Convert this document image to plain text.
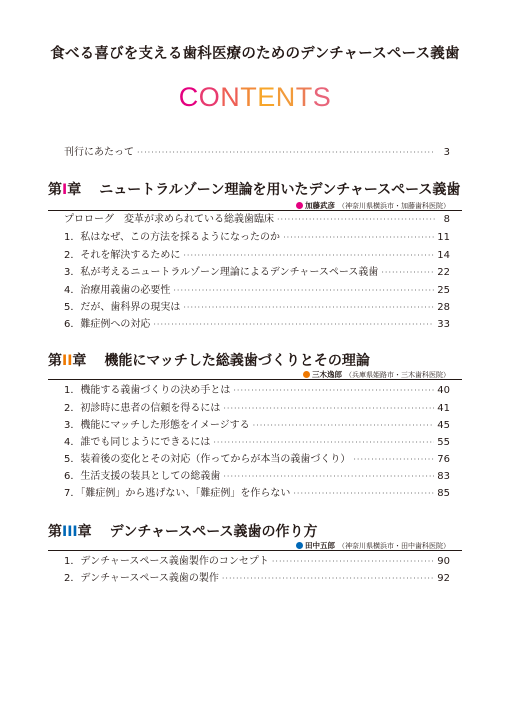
食べる喜びを支える歯科医療のためのデンチャースペース義歯
CONTENTS
刊行にあたって ·····	3
第I章 ニュートラルゾーン理論を用いたデンチャースペース義歯
加藤武彦 （神奈川県横浜市・加藤歯科医院）
プロローグ　変革が求められている総義歯臨床 ·····	8
1．私はなぜ、この方法を採るようになったのか ·····	11
2．それを解決するために ·····	14
3．私が考えるニュートラルゾーン理論によるデンチャースペース義歯 ·····	22
4．治療用義歯の必要性 ·····	25
5．だが、歯科界の現実は ·····	28
6．難症例への対応 ·····	33
第II章 機能にマッチした総義歯づくりとその理論
三木逸郎 （兵庫県姫路市・三木歯科医院）
1．機能する義歯づくりの決め手とは ·····	40
2．初診時に患者の信頼を得るには ·····	41
3．機能にマッチした形態をイメージする ·····	45
4．誰でも同じようにできるには ·····	55
5．装着後の変化とその対応（作ってからが本当の義歯づくり） ·····	76
6．生活支援の装具としての総義歯 ·····	83
7．「難症例」から逃げない、「難症例」を作らない ·····	85
第III章 デンチャースペース義歯の作り方
田中五郎 （神奈川県横浜市・田中歯科医院）
1．デンチャースペース義歯製作のコンセプト ·····	90
2．デンチャースペース義歯の製作 ·····	92
